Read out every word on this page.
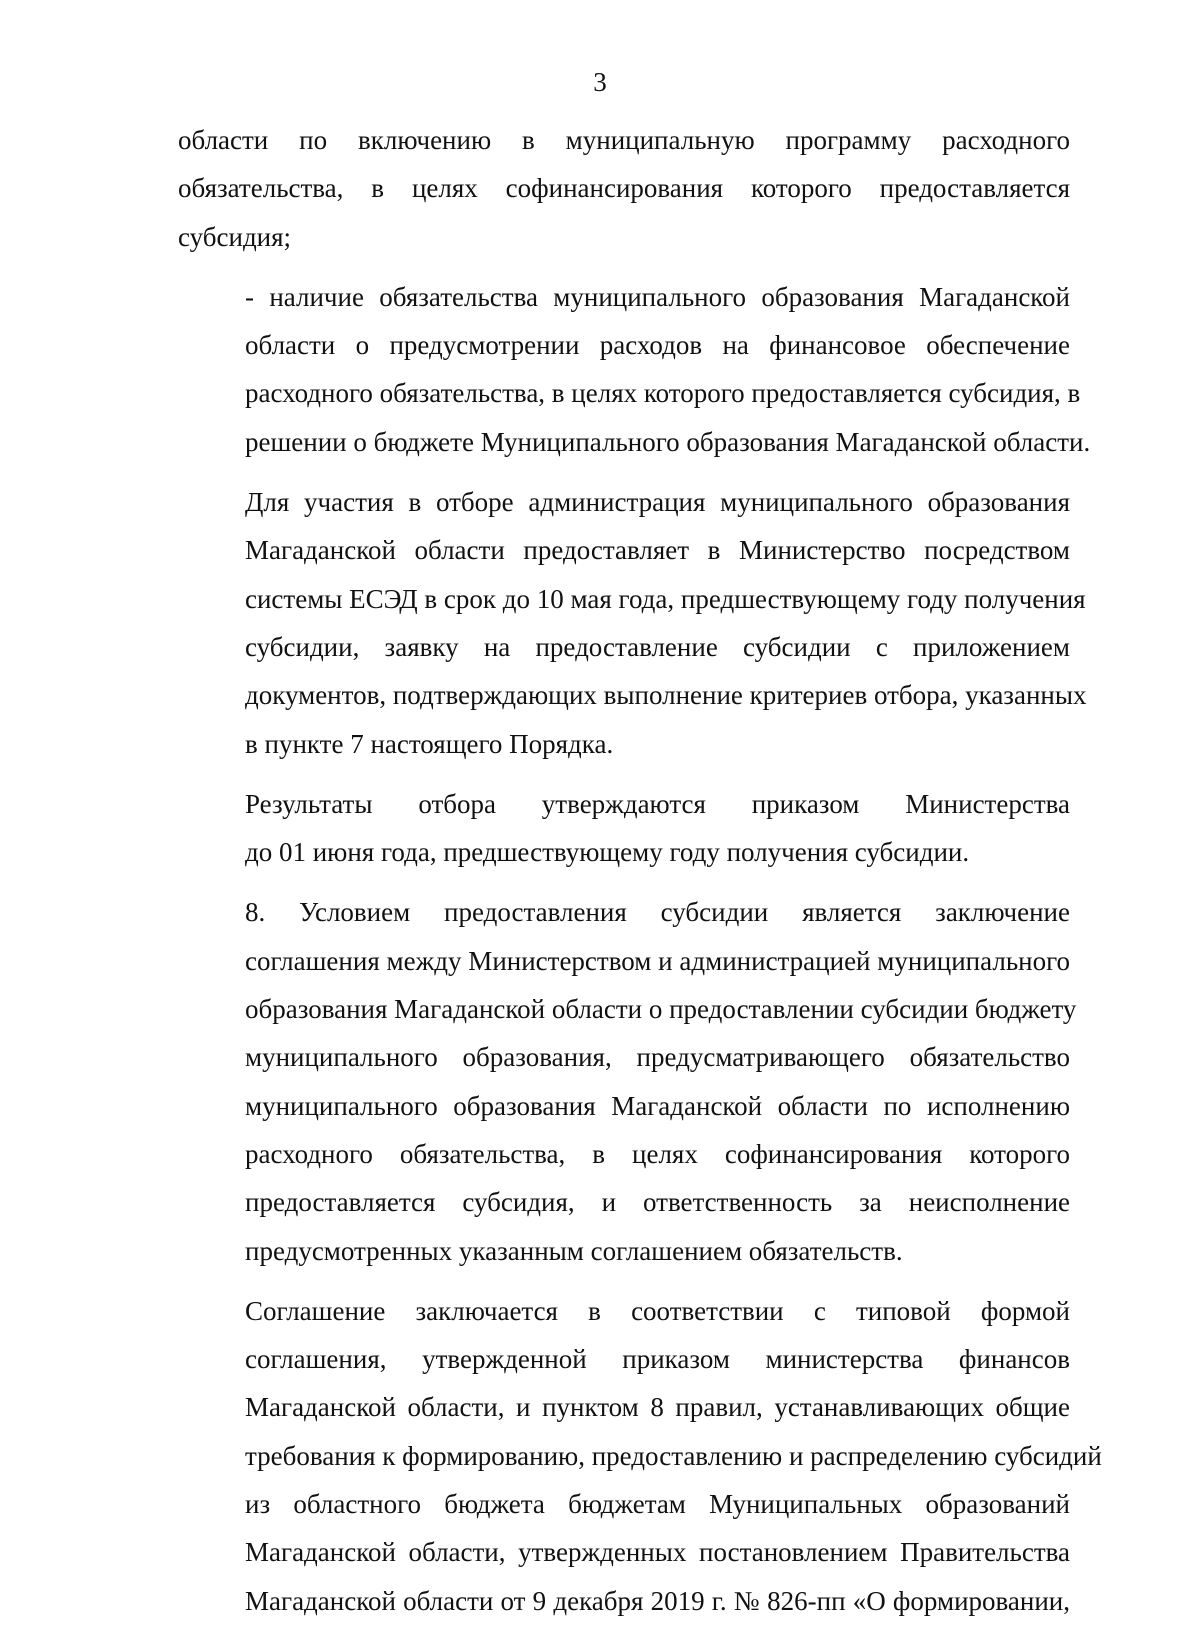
3

области по включению в муниципальную программу расходного
обязательства, в целях софинансирования которого предоставляется
субсидия;

- наличие обязательства муниципального образования Магаданской
области о предусмотрении расходов на финансовое обеспечение
расходного обязательства, в целях которого предоставляется субсидия, в
решении о бюджете Муниципального образования Магаданской области.

Для участия в отборе администрация муниципального образования
Магаданской области предоставляет в Министерство посредством
системы ЕСЭД в срок до 10 мая года, предшествующему году получения
субсидии, заявку на предоставление субсидии с приложением
документов, подтверждающих выполнение критериев отбора, указанных
в пункте 7 настоящего Порядка.

Результаты отбора утверждаются приказом Министерства
до 01 июня года, предшествующему году получения субсидии.

8. Условием предоставления субсидии является заключение
соглашения между Министерством и администрацией муниципального
образования Магаданской области о предоставлении субсидии бюджету
муниципального образования, предусматривающего обязательство
муниципального образования Магаданской области по исполнению
расходного обязательства, в целях софинансирования которого
предоставляется субсидия, и ответственность за неисполнение
предусмотренных указанным соглашением обязательств.

Соглашение заключается в соответствии с типовой формой
соглашения, утвержденной приказом министерства финансов
Магаданской области, и пунктом 8 правил, устанавливающих общие
требования к формированию, предоставлению и распределению субсидий
из областного бюджета бюджетам Муниципальных образований
Магаданской области, утвержденных постановлением Правительства
Магаданской области от 9 декабря 2019 г. № 826-пп «О формировании,
